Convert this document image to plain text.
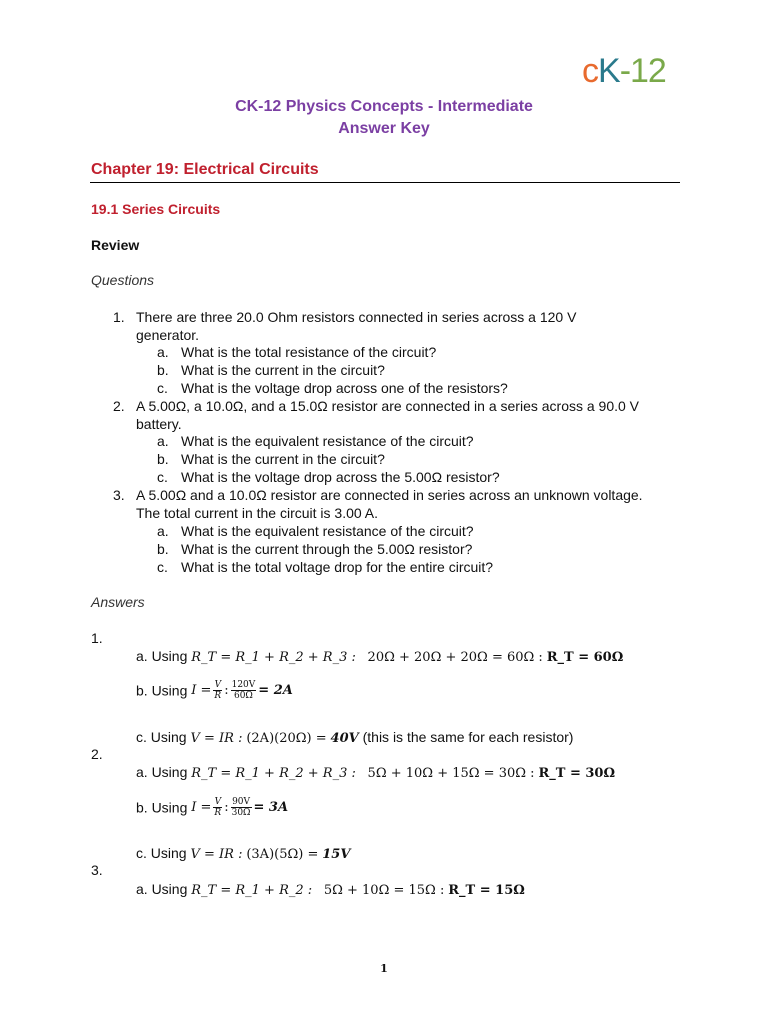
cK-12
CK-12 Physics Concepts - Intermediate
Answer Key
Chapter 19: Electrical Circuits
19.1 Series Circuits
Review
Questions
1. There are three 20.0 Ohm resistors connected in series across a 120 V
generator.
a. What is the total resistance of the circuit?
b. What is the current in the circuit?
c. What is the voltage drop across one of the resistors?
2. A 5.00Ω, a 10.0Ω, and a 15.0Ω resistor are connected in a series across a 90.0 V
battery.
a. What is the equivalent resistance of the circuit?
b. What is the current in the circuit?
c. What is the voltage drop across the 5.00Ω resistor?
3. A 5.00Ω and a 10.0Ω resistor are connected in series across an unknown voltage.
The total current in the circuit is 3.00 A.
a. What is the equivalent resistance of the circuit?
b. What is the current through the 5.00Ω resistor?
c. What is the total voltage drop for the entire circuit?
Answers
1.
a. Using R_T = R_1 + R_2 + R_3 : 20Ω + 20Ω + 20Ω = 60Ω : R_T = 60Ω
b. Using $I = \frac{V}{R}$ : $\frac{120V}{60\Omega} = 2A$
c. Using V = IR : (2A)(20Ω) = 40V (this is the same for each resistor)
2.
a. Using R_T = R_1 + R_2 + R_3 : 5Ω + 10Ω + 15Ω = 30Ω : R_T = 30Ω
b. Using $I = \frac{V}{R}$ : $\frac{90V}{30\Omega} = 3A$
c. Using V = IR : (3A)(5Ω) = 15V
3.
a. Using R_T = R_1 + R_2 : 5Ω + 10Ω = 15Ω : R_T = 15Ω
1
